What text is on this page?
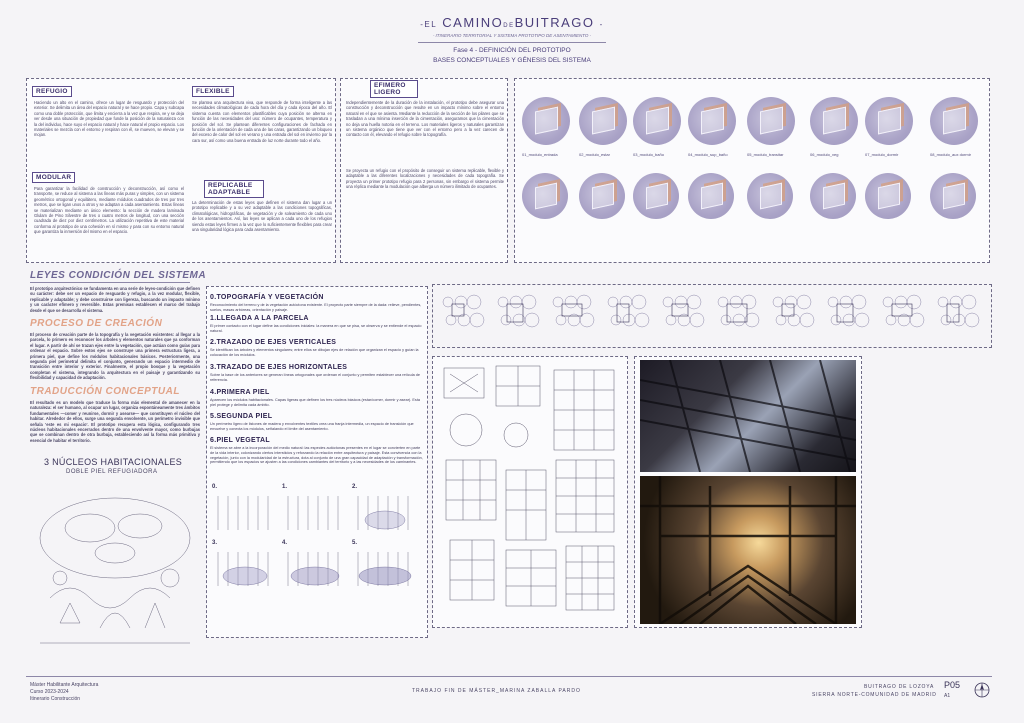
-EL CAMINODEBUITRAGO -
- ITINERARIO TERRITORIAL Y SISTEMA PROTOTIPO DE ASENTAMIENTO -
Fase 4 - DEFINICIÓN DEL PROTOTIPO
BASES CONCEPTUALES Y GÉNESIS DEL SISTEMA
REFUGIO
Haciendo un alto en el camino, ofrece un lugar de resguardo y protección del exterior. Se delimita un área del espacio natural y se hace propio. Capa y subcapa como una doble protección, que limita y encierra a la vez que respira, ve y se deja ver desde una situación de propiedad que funde la posición de la naturaleza con la del individuo, hace suyo el espacio natural y hace natural el propio espacio. Los materiales se mezcla con el entorno y respiran con él, se mueven, se elevan y se mojan.
MODULAR
Para garantizar la facilidad de construcción y deconstrucción, así como el transporte, se reduce al sistema a las líneas más puras y simples, con un sistema geométrico ortogonal y equilátero, mediante módulos cuadrados de tres por tres metros, que se ligan unos a otros y se adaptan a cada asentamiento. Estas líneas se materializan mediante un único elemento: la sección de madera laminada Glulam de Pino Silvestre de tres o cuatro metros de longitud, con una sección cuadrada de diez por diez centímetros. La utilización repetitiva de este material conforma al prototipo de una cohesión en sí mismo y para con su entorno natural que garantiza la inmersión del mismo en el espacio.
FLEXIBLE
Se plantea una arquitectura viva, que responde de forma inteligente a las necesidades climatológicas de cada hora del día y cada época del año. El sistema cuenta con elementos plastificables cuya posición se alterna en función de las necesidades del uso: número de ocupantes, temperatura y posición del sol. Se plantean diferentes configuraciones de fachada en función de la orientación de cada una de las caras, garantizando un bloqueo del exceso de calor del sol en verano y una entrada del sol en invierno por la cara sur, así como una buena entrada de luz norte durante todo el año.
REPLICABLE ADAPTABLE
La determinación de estas leyes que definen el sistema dan lugar a un prototipo replicable y a su vez adaptable a las condiciones topográficas, climatológicas, hidrográficas, de vegetación y de soleamiento de cada uno de los asentamientos. Así, las leyes se aplican a cada uno de los refugios siendo estas leyes firmes a la vez que lo suficientemente flexibles para crear una singularidad lógica para cada asentamiento.
EFIMERO LIGERO
Independientemente de la duración de la instalación, el prototipo debe asegurar una construcción y deconstrucción que resulte en un impacto mínimo sobre el entorno natural en el que se asienta. Mediante la reducción de la sección de los pilares que se trasladan a una mínima inserción de la cimentación, aseguramos que la cimentación no deja una huella notoria en el terreno. Los materiales ligeros y naturales garantizan un sistema orgánico que tiene que ver con el entorno pero a la vez carecen de contacto con él, elevando el refugio sobre la topografía.
Se proyecta un refugio con el propósito de conseguir un sistema replicable, flexible y adaptable a las diferentes localizaciones y necesidades de cada topografía. Se proyecta un primer prototipo refugio para 2 personas, sin embargo el sistema permite una réplica mediante la modulación que alberga un número ilimitado de ocupantes.
01_modulo_entrada	02_modulo_estar	03_modulo_baño	04_modulo_sup_baño	05_modulo_transitar	06_modulo_veg	07_modulo_dormir	08_modulo_aux dormir
LEYES CONDICIÓN DEL SISTEMA
El prototipo arquitectónico se fundamenta en una serie de leyes-condición que definen su carácter: debe ser un espacio de resguardo y refugio, a la vez modular, flexible, replicable y adaptable; y debe construirse con ligereza, buscando un impacto mínimo y un carácter efímero y reversible. Estas premisas establecen el marco del trabajo desde el que se desarrolla el sistema.
PROCESO DE CREACIÓN
El proceso de creación parte de la topografía y la vegetación existentes: al llegar a la parcela, lo primero es reconocer los árboles y elementos naturales que ya conforman el lugar. A partir de ahí se trazan ejes entre la vegetación, que actúan como guías para ordenar el espacio. Sobre estos ejes se construye una primera estructura ligera, a primera piel, que define los módulos habitacionales básicos. Posteriormente, una segunda piel perimetral delimita el conjunto, generando un espacio intermedio de transición entre interior y exterior. Finalmente, el propio bosque y la vegetación completan el sistema, integrando la arquitectura en el paisaje y garantizando su flexibilidad y capacidad de adaptación.
TRADUCCIÓN CONCEPTUAL
El resultado es un modelo que traduce la forma más elemental de amanecer en la naturaleza: el ser humano, al ocupar un lugar, organiza espontáneamente tres ámbitos fundamentales —comer y reunirse, dormir y asearse— que constituyen el núcleo del habitar. Alrededor de ellos, surge una segunda envolvente, un perímetro invisible que señala 'este es mi espacio'. El prototipo recupera esta lógica, configurando tres núcleos habitacionales encerrados dentro de una envolvente mayor, como burbujas que se combinan dentro de otra burbuja, estableciendo así la forma más primitiva y esencial de habitar el territorio.
3 NÚCLEOS HABITACIONALES
DOBLE PIEL REFUGIADORA
0.TOPOGRAFÍA Y VEGETACIÓN
Reconocimiento del terreno y de la vegetación autóctona existente. El proyecto parte siempre de la dada: relieve, pendientes, suelos, masas arbóreas, orientación y paisaje.
1.LLEGADA A LA PARCELA
El primer contacto con el lugar define las condiciones iniciales: la manera en que se pisa, se observa y se entiende el espacio natural.
2.TRAZADO DE EJES VERTICALES
Se identifican los árboles y elementos singulares; entre ellos se dibujan ejes de relación que organizan el espacio y guían la colocación de los módulos.
3.TRAZADO DE EJES HORIZONTALES
Sobre la base de los anteriores se generan líneas ortogonales que ordenan el conjunto y permiten establecer una retícula de referencia.
4.PRIMERA PIEL
Aparecen los módulos habitacionales. Capas ligeras que definen los tres núcleos básicos (estar/comer, dormir y asear). Esta piel protege y delimita cada ámbito.
5.SEGUNDA PIEL
Un perímetro ligero de listones de madera y envolventes textiles crea una franja intermedia, un espacio de transición que envuelve y conecta los módulos, señalando el límite del asentamiento.
6.PIEL VEGETAL
El sistema se abre a la incorporación del medio natural: las especies autóctonas presentes en el lugar se convierten en parte de la vida interior, colonizando ciertos intersticios y reforzando la relación entre arquitectura y paisaje. Esta convivencia con la vegetación, junto con la modularidad de la estructura, dota al conjunto de una gran capacidad de adaptación y transformación, permitiendo que los espacios se ajusten a las condiciones cambiantes del territorio y a las necesidades de los caminantes.
0.	1.	2.
3.	4.	5.
Máster Habilitante Arquitectura
Curso 2023-2024
Itinerario Construcción
TRABAJO FIN DE MÁSTER_MARINA ZABALLA PARDO
BUITRAGO DE LOZOYA
SIERRA NORTE-COMUNIDAD DE MADRID
P05
A1
